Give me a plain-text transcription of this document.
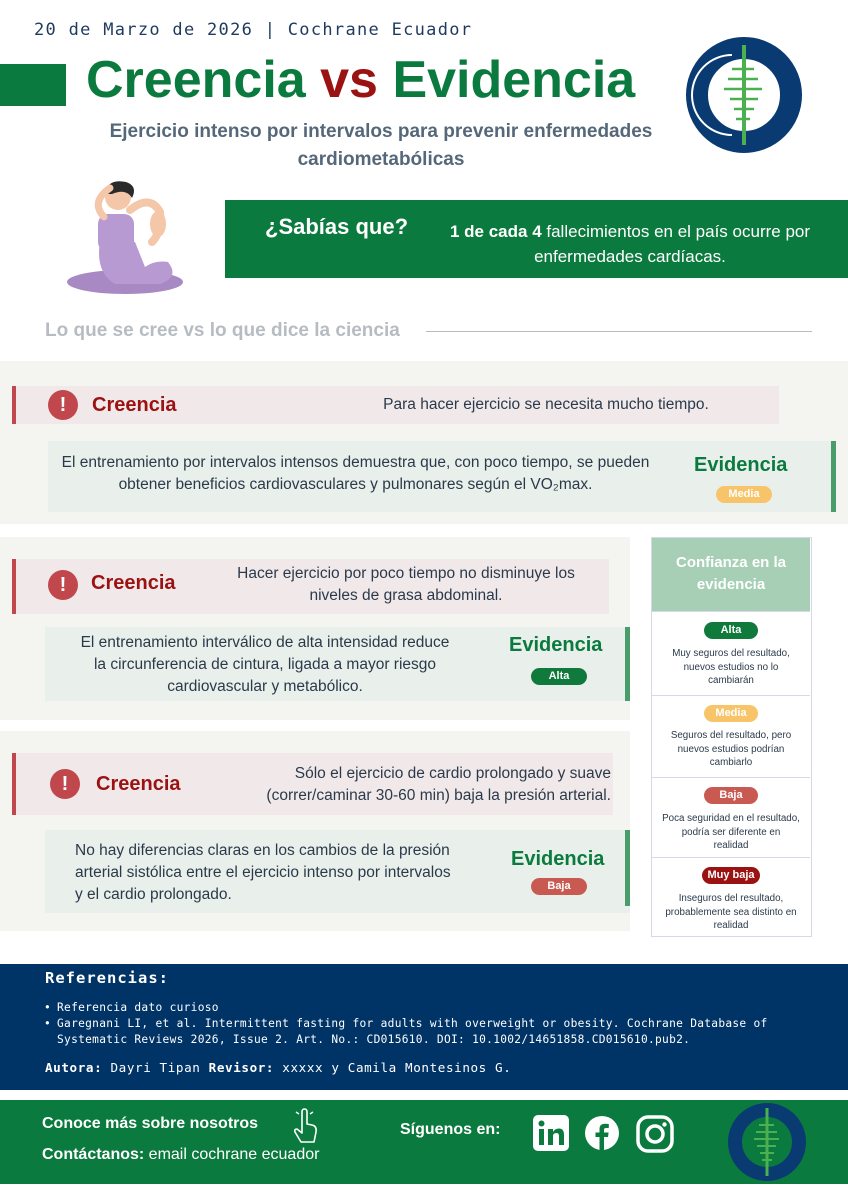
20 de Marzo de 2026 | Cochrane Ecuador
Creencia vs Evidencia
Ejercicio intenso por intervalos para prevenir enfermedades
cardiometabólicas
¿Sabías que?	1 de cada 4 fallecimientos en el país ocurre por enfermedades cardíacas.
Lo que se cree vs lo que dice la ciencia
!	Creencia	Para hacer ejercicio se necesita mucho tiempo.
El entrenamiento por intervalos intensos demuestra que, con poco tiempo, se pueden
obtener beneficios cardiovasculares y pulmonares según el VO₂max.
Evidencia
Media
!	Creencia	Hacer ejercicio por poco tiempo no disminuye los
niveles de grasa abdominal.
El entrenamiento interválico de alta intensidad reduce
la circunferencia de cintura, ligada a mayor riesgo
cardiovascular y metabólico.
Evidencia
Alta
!	Creencia	Sólo el ejercicio de cardio prolongado y suave
(correr/caminar 30-60 min) baja la presión arterial.
No hay diferencias claras en los cambios de la presión
arterial sistólica entre el ejercicio intenso por intervalos
y el cardio prolongado.
Evidencia
Baja
Confianza en la
evidencia
Alta
Muy seguros del resultado,
nuevos estudios no lo
cambiarán
Media
Seguros del resultado, pero
nuevos estudios podrían
cambiarlo
Baja
Poca seguridad en el resultado,
podría ser diferente en
realidad
Muy baja
Inseguros del resultado,
probablemente sea distinto en
realidad
Referencias:
• Referencia dato curioso
• Garegnani LI, et al. Intermittent fasting for adults with overweight or obesity. Cochrane Database of Systematic Reviews 2026, Issue 2. Art. No.: CD015610. DOI: 10.1002/14651858.CD015610.pub2.
Autora: Dayri Tipan Revisor: xxxxx y Camila Montesinos G.
Conoce más sobre nosotros
Contáctanos: email cochrane ecuador
Síguenos en:
